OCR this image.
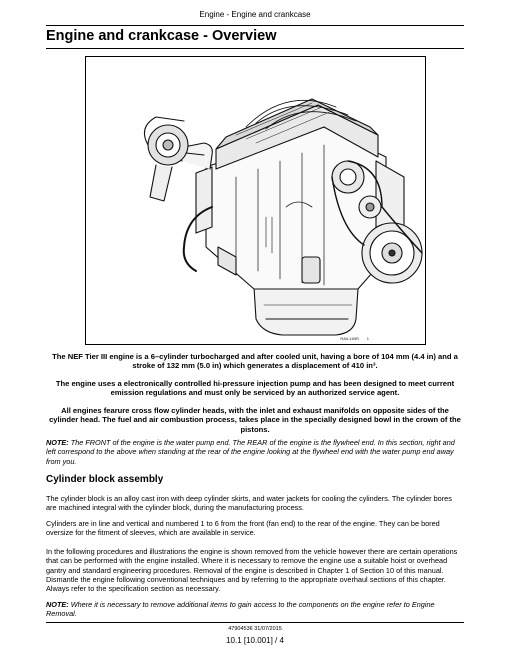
Engine - Engine and crankcase
Engine and crankcase - Overview
RAIL11BR 1

The NEF Tier III engine is a 6–cylinder turbocharged and after cooled unit, having a bore of 104 mm (4.4 in) and a stroke of 132 mm (5.0 in) which generates a displacement of 410 in³.

The engine uses a electronically controlled hi-pressure injection pump and has been designed to meet current emission regulations and must only be serviced by an authorized service agent.

All engines fearure cross flow cylinder heads, with the inlet and exhaust manifolds on opposite sides of the cylinder head. The fuel and air combustion process, takes place in the specially designed bowl in the crown of the pistons.

NOTE: The FRONT of the engine is the water pump end. The REAR of the engine is the flywheel end. In this section, right and left correspond to the above when standing at the rear of the engine looking at the flywheel end with the water pump end away from you.

Cylinder block assembly

The cylinder block is an alloy cast iron with deep cylinder skirts, and water jackets for cooling the cylinders. The cylinder bores are machined integral with the cylinder block, during the manufacturing process.

Cylinders are in line and vertical and numbered 1 to 6 from the front (fan end) to the rear of the engine. They can be bored oversize for the fitment of sleeves, which are available in service.

In the following procedures and illustrations the engine is shown removed from the vehicle however there are certain operations that can be performed with the engine installed. Where it is necessary to remove the engine use a suitable hoist or overhead gantry and standard engineering procedures. Removal of the engine is described in Chapter 1 of Section 10 of this manual. Dismantle the engine following conventional techniques and by referring to the appropriate overhaul sections of this chapter. Always refer to the specification section as necessary.

NOTE: Where it is necessary to remove additional items to gain access to the components on the engine refer to Engine Removal.

47904536 31/07/2015
10.1 [10.001] / 4
